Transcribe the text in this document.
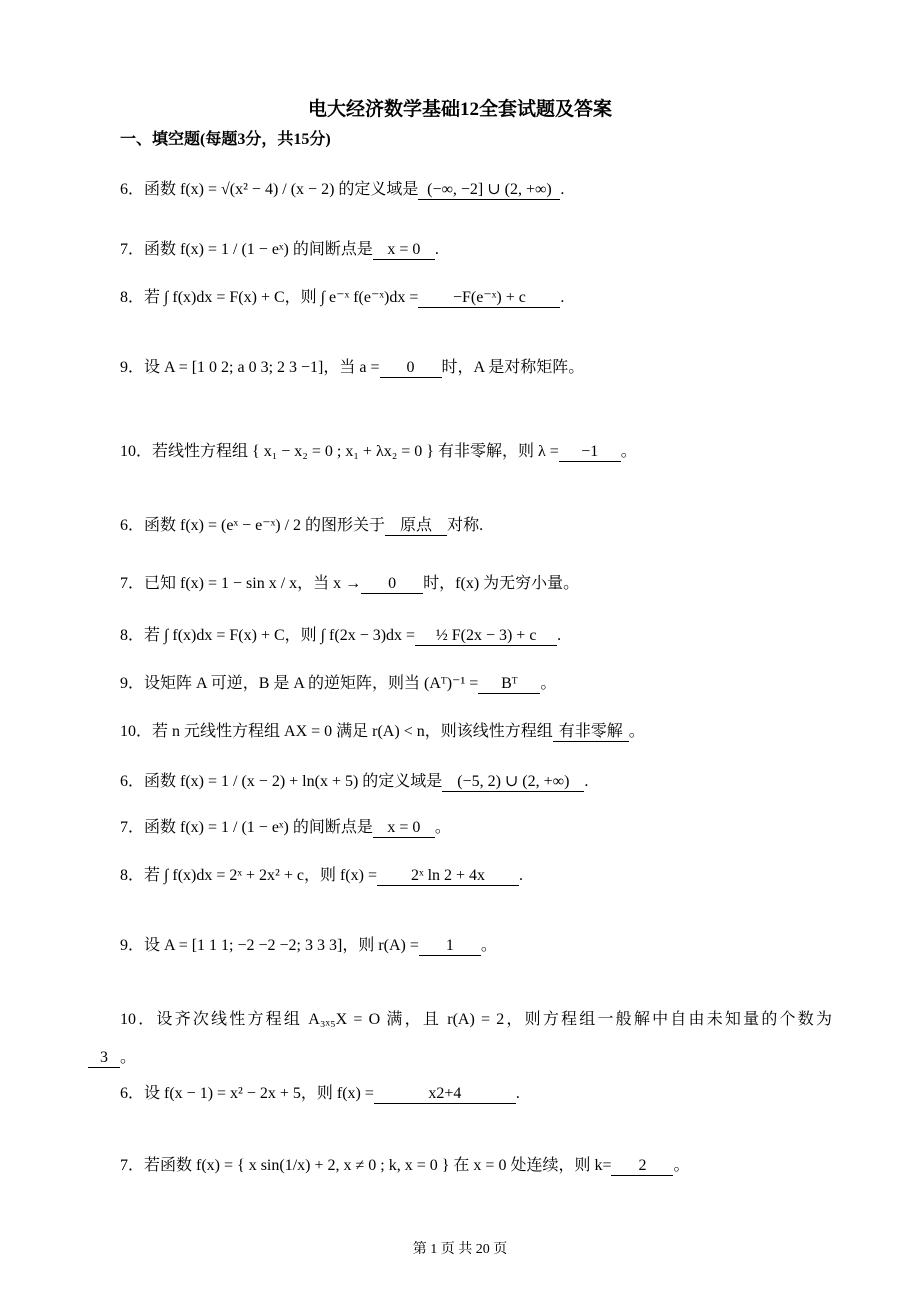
电大经济数学基础12全套试题及答案
一、填空题(每题3分，共15分)
6．函数 f(x) = √(x² − 4) / (x − 2) 的定义域是 (−∞, −2] ∪ (2, +∞) .
7．函数 f(x) = 1 / (1 − eˣ) 的间断点是 x = 0 .
8．若 ∫ f(x)dx = F(x) + C，则 ∫ e⁻ˣ f(e⁻ˣ)dx = −F(e⁻ˣ) + c .
9．设 A = [1 0 2; a 0 3; 2 3 −1]，当 a = 0 时，A 是对称矩阵。
10．若线性方程组 { x₁ − x₂ = 0 ; x₁ + λx₂ = 0 } 有非零解，则 λ = −1 。
6．函数 f(x) = (eˣ − e⁻ˣ) / 2 的图形关于 原点 对称.
7．已知 f(x) = 1 − sin x / x，当 x → 0 时，f(x) 为无穷小量。
8．若 ∫ f(x)dx = F(x) + C，则 ∫ f(2x − 3)dx = ½ F(2x − 3) + c .
9．设矩阵 A 可逆，B 是 A 的逆矩阵，则当 (Aᵀ)⁻¹ = Bᵀ 。
10．若 n 元线性方程组 AX = 0 满足 r(A) < n，则该线性方程组 有非零解 。
6．函数 f(x) = 1 / (x − 2) + ln(x + 5) 的定义域是 (−5, 2) ∪ (2, +∞) .
7．函数 f(x) = 1 / (1 − eˣ) 的间断点是 x = 0 。
8．若 ∫ f(x)dx = 2ˣ + 2x² + c，则 f(x) = 2ˣ ln 2 + 4x .
9．设 A = [1 1 1; −2 −2 −2; 3 3 3]，则 r(A) = 1 。
10．设齐次线性方程组 A₃ₓ₅X = O 满，且 r(A) = 2，则方程组一般解中自由未知量的个数为
3 。
6．设 f(x − 1) = x² − 2x + 5，则 f(x) =	x2+4	.
7．若函数 f(x) = { x sin(1/x) + 2, x ≠ 0 ; k, x = 0 } 在 x = 0 处连续，则 k= 2 。
第 1 页 共 20 页
